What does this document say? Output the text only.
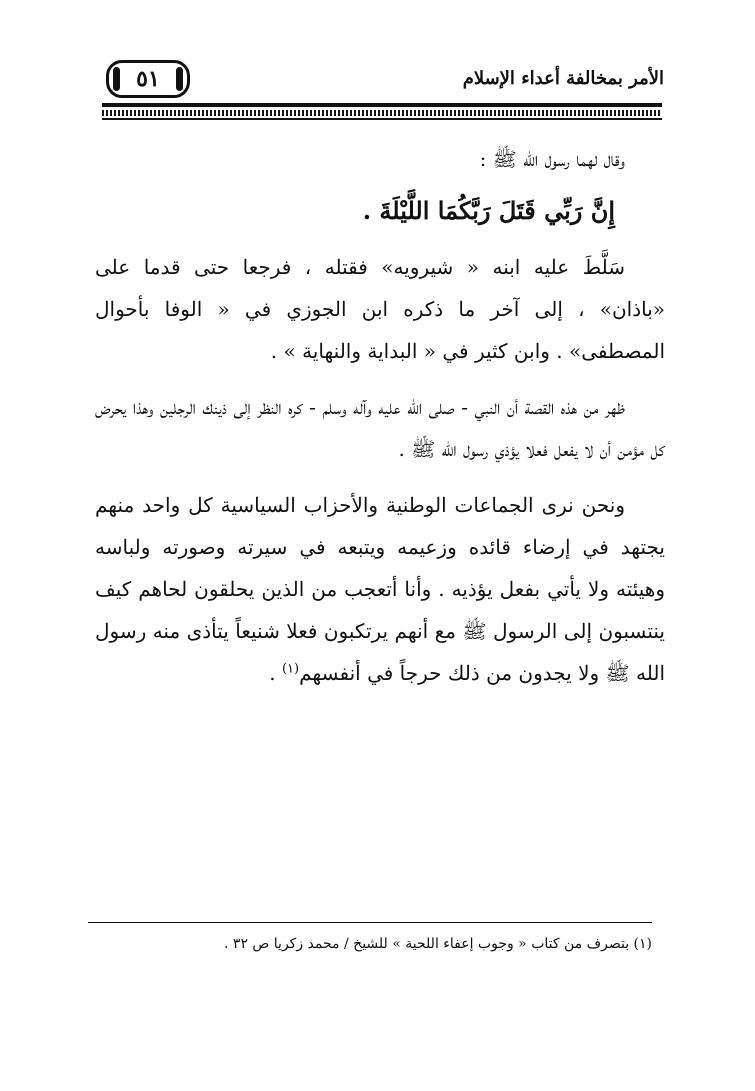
٥١	الأمر بمخالفة أعداء الإسلام

وقال لهما رسول الله ﷺ :

إِنَّ رَبِّي قَتَلَ رَبَّكُمَا اللَّيْلَةَ .

سَلَّطَ عليه ابنه « شيرويه» فقتله ، فرجعا حتى قدما على «باذان» ، إلى آخر ما ذكره ابن الجوزي في « الوفا بأحوال المصطفى» . وابن كثير في « البداية والنهاية » .

ظهر من هذه القصة أن النبي - صلى الله عليه وآله وسلم - كره النظر إلى ذينك الرجلين وهذا يحرض كل مؤمن أن لا يفعل فعلا يؤذي رسول الله ﷺ .

ونحن نرى الجماعات الوطنية والأحزاب السياسية كل واحد منهم يجتهد في إرضاء قائده وزعيمه ويتبعه في سيرته وصورته ولباسه وهيئته ولا يأتي بفعل يؤذيه . وأنا أتعجب من الذين يحلقون لحاهم كيف ينتسبون إلى الرسول ﷺ مع أنهم يرتكبون فعلا شنيعاً يتأذى منه رسول الله ﷺ ولا يجدون من ذلك حرجاً في أنفسهم$^{(١)}$ .

(١) بتصرف من كتاب « وجوب إعفاء اللحية » للشيخ / محمد زكريا ص ٣٢ .
